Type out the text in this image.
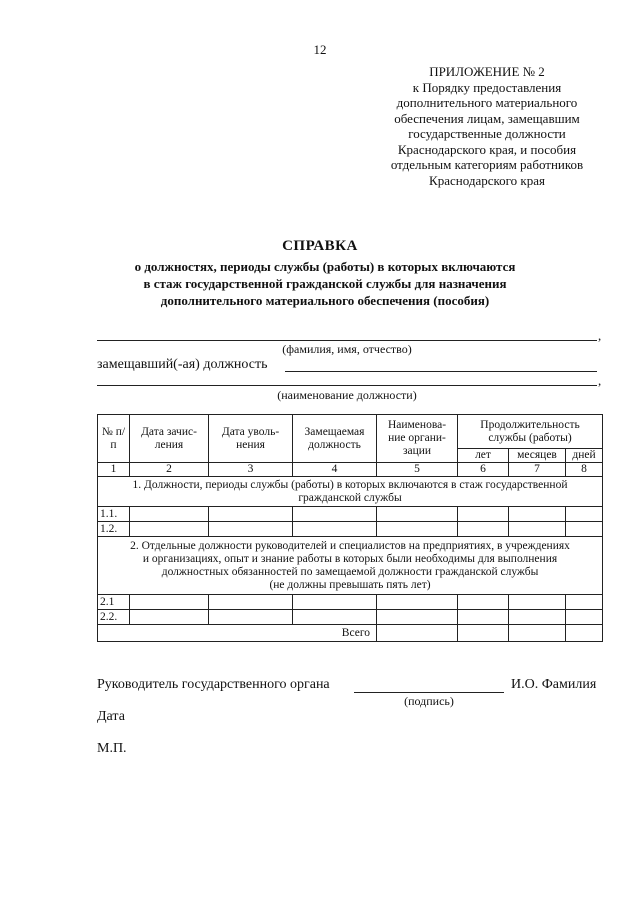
12
ПРИЛОЖЕНИЕ № 2
к Порядку предоставления
дополнительного материального
обеспечения лицам, замещавшим
государственные должности
Краснодарского края, и пособия
отдельным категориям работников
Краснодарского края
СПРАВКА
о должностях, периоды службы (работы) в которых включаются
в стаж государственной гражданской службы для назначения
дополнительного материального обеспечения (пособия)
,
(фамилия, имя, отчество)
замещавший(-ая) должность
,
(наименование должности)
№ п/п	Дата зачис- ления	Дата уволь- нения	Замещаемая должность	Наименова- ние органи- зации	Продолжительность службы (работы)		
					лет	месяцев	дней
1	2	3	4	5	6	7	8
1. Должности, периоды службы (работы) в которых включаются в стаж государственной гражданской службы							
1.1.							
1.2.							

2. Отдельные должности руководителей и специалистов на предприятиях, в учреждениях
и организациях, опыт и знание работы в которых были необходимы для выполнения
должностных обязанностей по замещаемой должности гражданской службы
(не должны превышать пять лет)							

2.1							
2.2.							
Всего							
Руководитель государственного органа	И.О. Фамилия
(подпись)
Дата
М.П.
